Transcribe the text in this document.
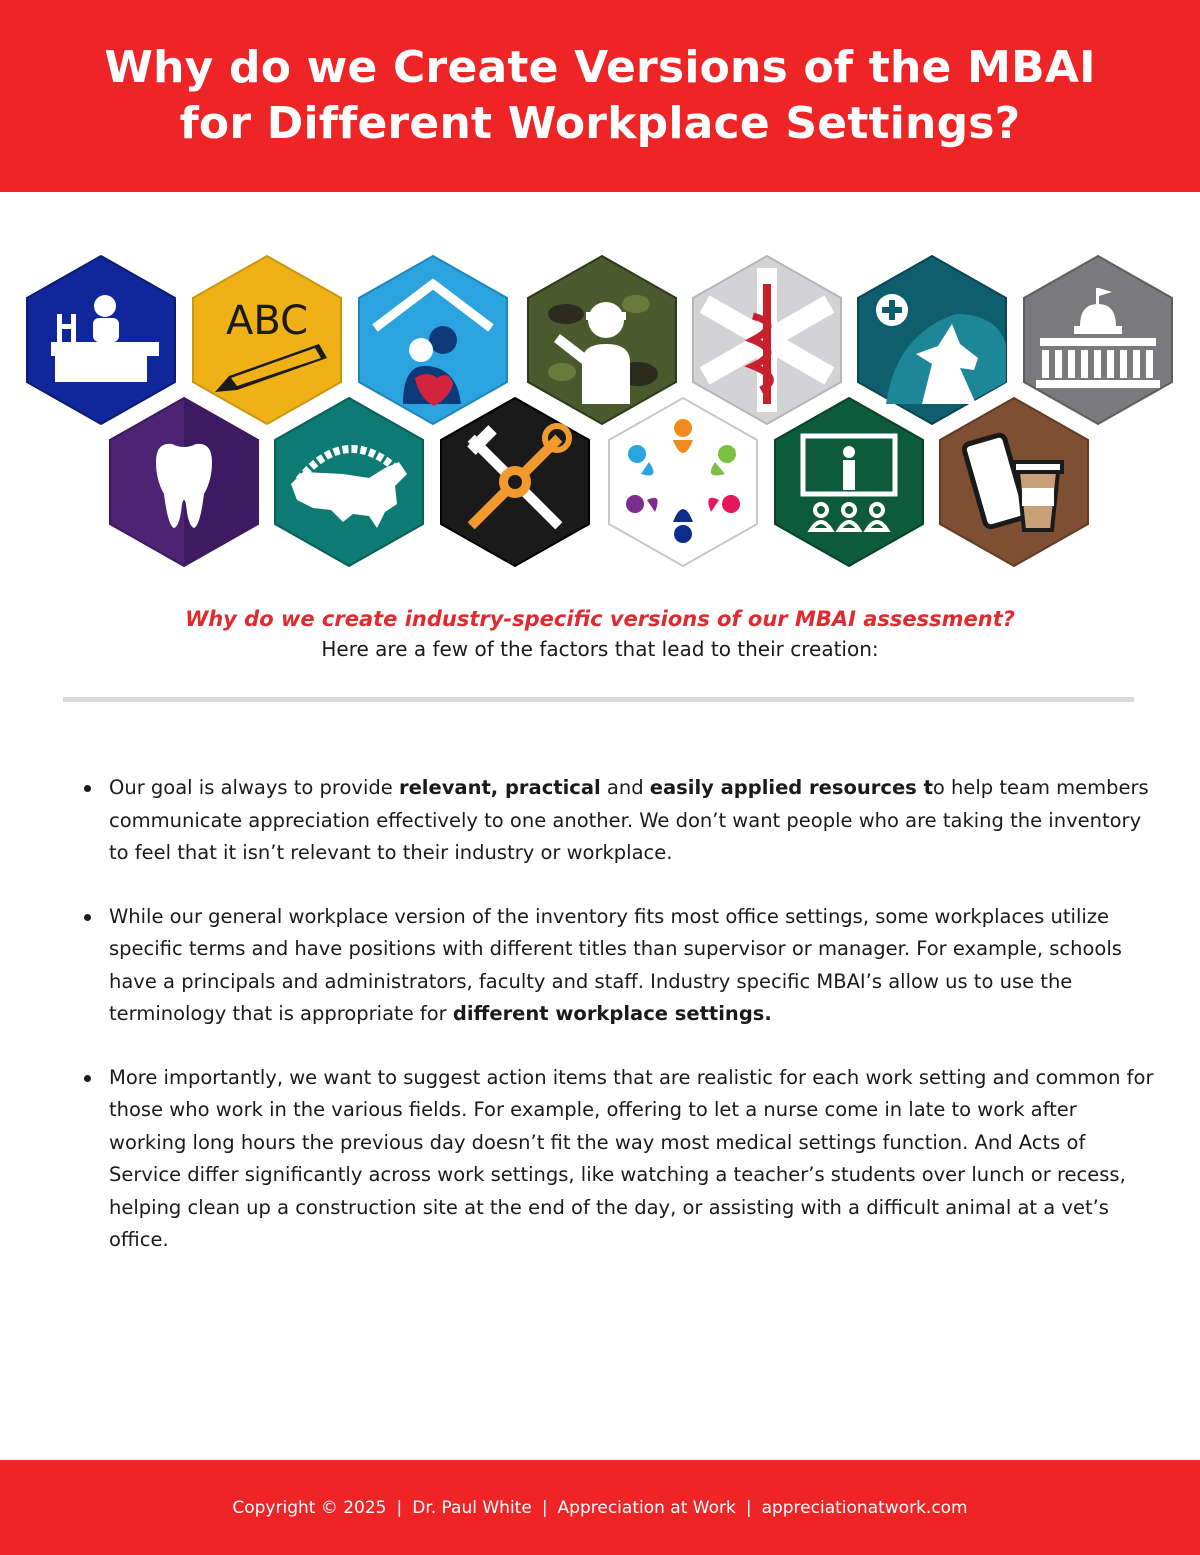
Why do we Create Versions of the MBAI
for Different Workplace Settings?
ABC
Why do we create industry-specific versions of our MBAI assessment?
Here are a few of the factors that lead to their creation:
Our goal is always to provide relevant, practical and easily applied resources to help team members communicate appreciation effectively to one another. We don’t want people who are taking the inventory to feel that it isn’t relevant to their industry or workplace.
While our general workplace version of the inventory fits most office settings, some workplaces utilize specific terms and have positions with different titles than supervisor or manager. For example, schools have a principals and administrators, faculty and staff. Industry specific MBAI’s allow us to use the terminology that is appropriate for different workplace settings.
More importantly, we want to suggest action items that are realistic for each work setting and common for those who work in the various fields. For example, offering to let a nurse come in late to work after working long hours the previous day doesn’t fit the way most medical settings function. And Acts of Service differ significantly across work settings, like watching a teacher’s students over lunch or recess, helping clean up a construction site at the end of the day, or assisting with a difficult animal at a vet’s office.
Copyright © 2025 | Dr. Paul White | Appreciation at Work | appreciationatwork.com
